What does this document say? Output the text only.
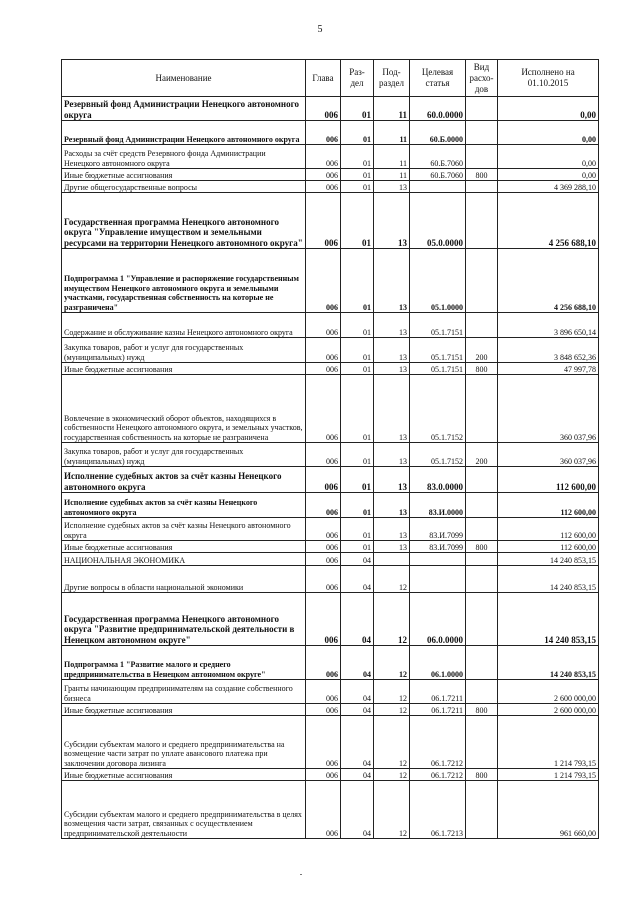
5
Наименование	Глава	Раз-дел	Под-раздел	Целевая статья	Вид расхо-дов	Исполнено на 01.10.2015
Резервный фонд Администрации Ненецкого автономного округа	006	01	11	60.0.0000		0,00
Резервный фонд Администрации Ненецкого автономного округа	006	01	11	60.Б.0000		0,00
Расходы за счёт средств Резервного фонда Администрации Ненецкого автономного округа	006	01	11	60.Б.7060		0,00
Иные бюджетные ассигнования	006	01	11	60.Б.7060	800	0,00
Другие общегосударственные вопросы	006	01	13			4 369 288,10
Государственная программа Ненецкого автономного округа "Управление имуществом и земельными ресурсами на территории Ненецкого автономного округа"	006	01	13	05.0.0000		4 256 688,10
Подпрограмма 1 "Управление и распоряжение государственным имуществом Ненецкого автономного округа и земельными участками, государственная собственность на которые не разграничена"	006	01	13	05.1.0000		4 256 688,10
Содержание и обслуживание казны Ненецкого автономного округа	006	01	13	05.1.7151		3 896 650,14
Закупка товаров, работ и услуг для государственных (муниципальных) нужд	006	01	13	05.1.7151	200	3 848 652,36
Иные бюджетные ассигнования	006	01	13	05.1.7151	800	47 997,78
Вовлечение в экономический оборот объектов, находящихся в собственности Ненецкого автономного округа, и земельных участков, государственная собственность на которые не разграничена	006	01	13	05.1.7152		360 037,96
Закупка товаров, работ и услуг для государственных (муниципальных) нужд	006	01	13	05.1.7152	200	360 037,96
Исполнение судебных актов за счёт казны Ненецкого автономного округа	006	01	13	83.0.0000		112 600,00
Исполнение судебных актов за счёт казны Ненецкого автономного округа	006	01	13	83.И.0000		112 600,00
Исполнение судебных актов за счёт казны Ненецкого автономного округа	006	01	13	83.И.7099		112 600,00
Иные бюджетные ассигнования	006	01	13	83.И.7099	800	112 600,00
НАЦИОНАЛЬНАЯ ЭКОНОМИКА	006	04				14 240 853,15
Другие вопросы в области национальной экономики	006	04	12			14 240 853,15
Государственная программа Ненецкого автономного округа "Развитие предпринимательской деятельности в Ненецком автономном округе"	006	04	12	06.0.0000		14 240 853,15
Подпрограмма 1 "Развитие малого и среднего предпринимательства в Ненецком автономном округе"	006	04	12	06.1.0000		14 240 853,15
Гранты начинающим предпринимателям на создание собственного бизнеса	006	04	12	06.1.7211		2 600 000,00
Иные бюджетные ассигнования	006	04	12	06.1.7211	800	2 600 000,00
Субсидии субъектам малого и среднего предпринимательства на возмещение части затрат по уплате авансового платежа при заключении договора лизинга	006	04	12	06.1.7212		1 214 793,15
Иные бюджетные ассигнования	006	04	12	06.1.7212	800	1 214 793,15
Субсидии субъектам малого и среднего предпринимательства в целях возмещения части затрат, связанных с осуществлением предпринимательской деятельности	006	04	12	06.1.7213		961 660,00
